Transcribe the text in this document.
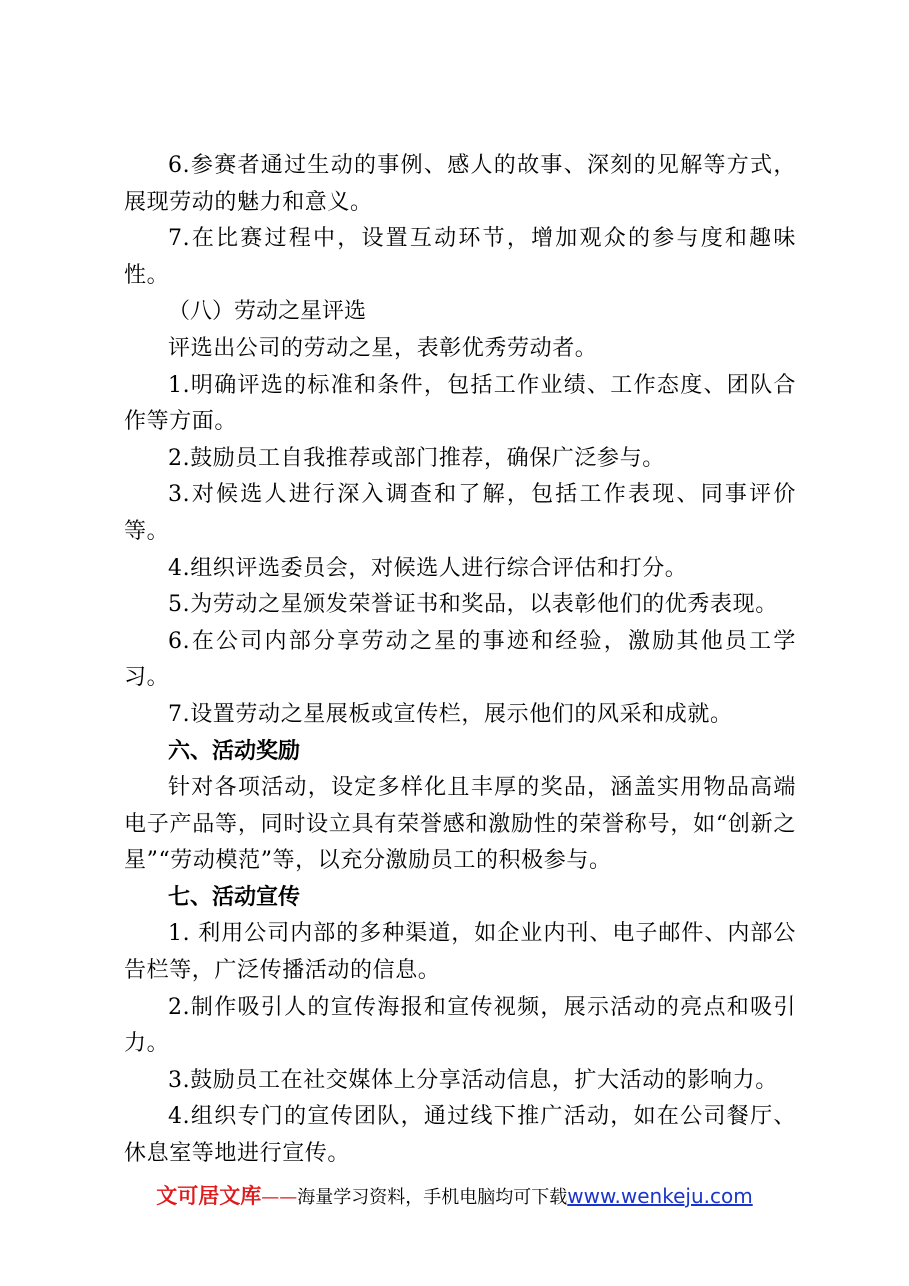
6.参赛者通过生动的事例、感人的故事、深刻的见解等方式，展现劳动的魅力和意义。

7.在比赛过程中，设置互动环节，增加观众的参与度和趣味性。

（八）劳动之星评选

评选出公司的劳动之星，表彰优秀劳动者。

1.明确评选的标准和条件，包括工作业绩、工作态度、团队合作等方面。

2.鼓励员工自我推荐或部门推荐，确保广泛参与。

3.对候选人进行深入调查和了解，包括工作表现、同事评价等。

4.组织评选委员会，对候选人进行综合评估和打分。

5.为劳动之星颁发荣誉证书和奖品，以表彰他们的优秀表现。

6.在公司内部分享劳动之星的事迹和经验，激励其他员工学习。

7.设置劳动之星展板或宣传栏，展示他们的风采和成就。

六、活动奖励

针对各项活动，设定多样化且丰厚的奖品，涵盖实用物品高端电子产品等，同时设立具有荣誉感和激励性的荣誉称号，如“创新之星”“劳动模范”等，以充分激励员工的积极参与。

七、活动宣传

1. 利用公司内部的多种渠道，如企业内刊、电子邮件、内部公告栏等，广泛传播活动的信息。

2.制作吸引人的宣传海报和宣传视频，展示活动的亮点和吸引力。

3.鼓励员工在社交媒体上分享活动信息，扩大活动的影响力。

4.组织专门的宣传团队，通过线下推广活动，如在公司餐厅、休息室等地进行宣传。

文可居文库——海量学习资料，手机电脑均可下载www.wenkeju.com
